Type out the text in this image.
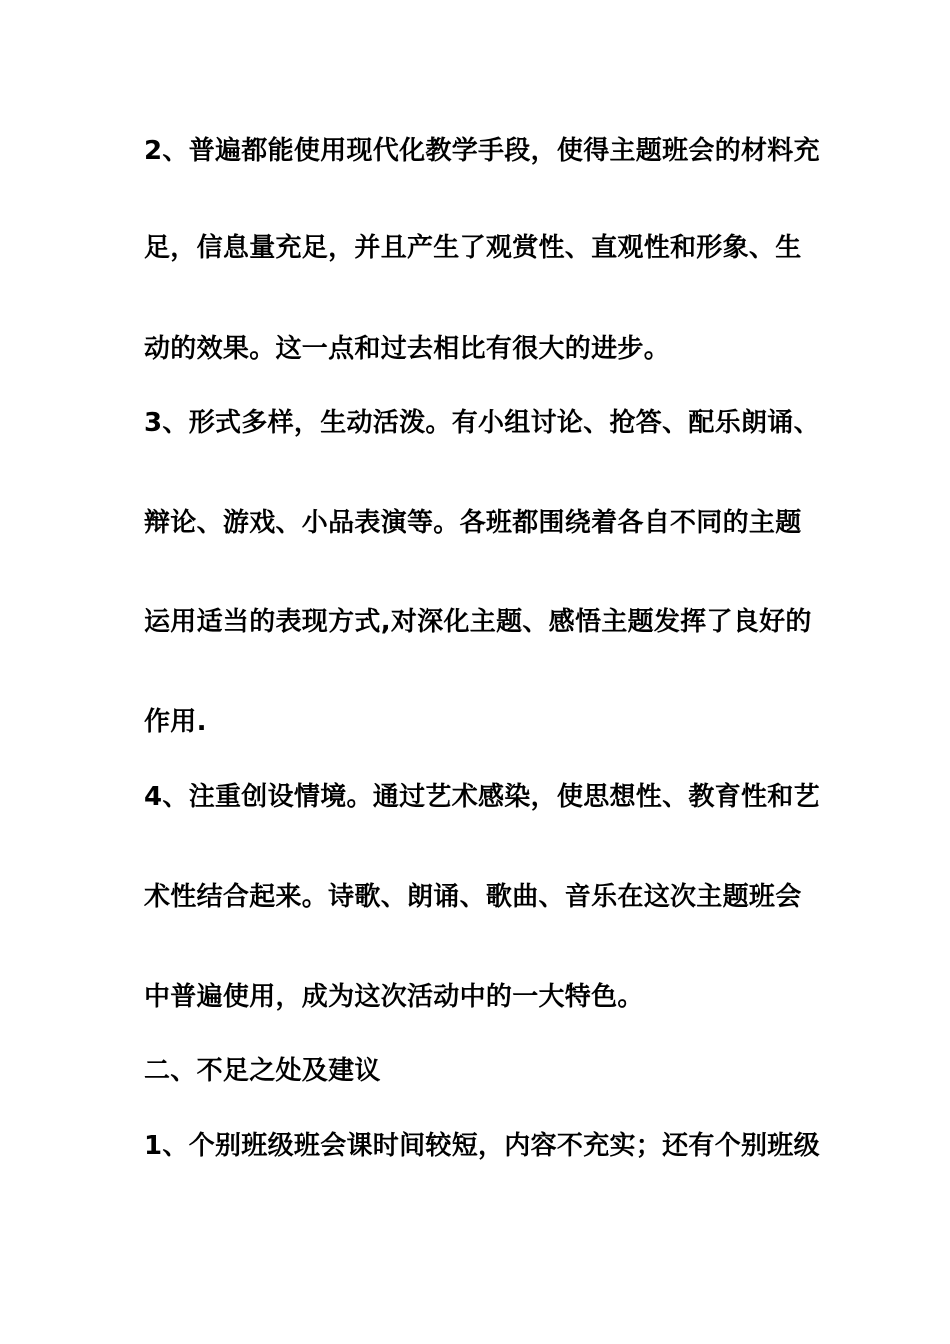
2、普遍都能使用现代化教学手段，使得主题班会的材料充
足，信息量充足，并且产生了观赏性、直观性和形象、生
动的效果。这一点和过去相比有很大的进步。
3、形式多样，生动活泼。有小组讨论、抢答、配乐朗诵、
辩论、游戏、小品表演等。各班都围绕着各自不同的主题
运用适当的表现方式,对深化主题、感悟主题发挥了良好的
作用.
4、注重创设情境。通过艺术感染，使思想性、教育性和艺
术性结合起来。诗歌、朗诵、歌曲、音乐在这次主题班会
中普遍使用，成为这次活动中的一大特色。
二、不足之处及建议
1、个别班级班会课时间较短，内容不充实；还有个别班级
